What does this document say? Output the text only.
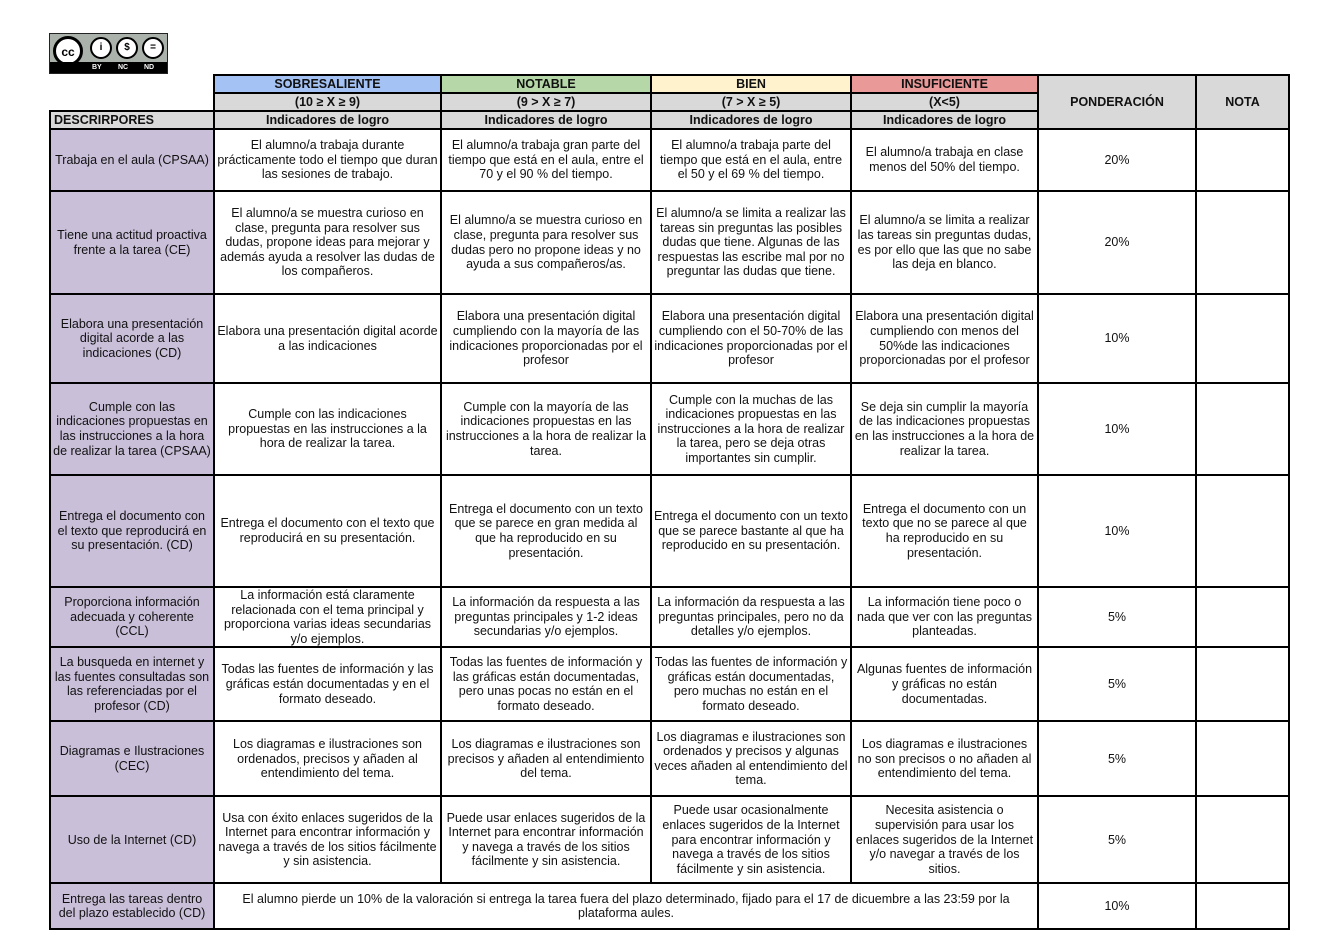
cc	i	$	=
BY NC ND
	SOBRESALIENTE	NOTABLE	BIEN	INSUFICIENTE	PONDERACIÓN	NOTA
	(10 ≥ X ≥ 9)	(9 > X ≥ 7)	(7 > X ≥ 5)	(X<5)		
DESCRIRPORES	Indicadores de logro	Indicadores de logro	Indicadores de logro	Indicadores de logro		
Trabaja en el aula (CPSAA)	El alumno/a trabaja durante prácticamente todo el tiempo que duran las sesiones de trabajo.	El alumno/a trabaja gran parte del tiempo que está en el aula, entre el 70 y el 90 % del tiempo.	El alumno/a trabaja parte del tiempo que está en el aula, entre el 50 y el 69 % del tiempo.	El alumno/a trabaja en clase menos del 50% del tiempo.	20%	
Tiene una actitud proactiva frente a la tarea (CE)	El alumno/a se muestra curioso en clase, pregunta para resolver sus dudas, propone ideas para mejorar y además ayuda a resolver las dudas de los compañeros.	El alumno/a se muestra curioso en clase, pregunta para resolver sus dudas pero no propone ideas y no ayuda a sus compañeros/as.	El alumno/a se limita a realizar las tareas sin preguntas las posibles dudas que tiene. Algunas de las respuestas las escribe mal por no preguntar las dudas que tiene.	El alumno/a se limita a realizar las tareas sin preguntas dudas, es por ello que las que no sabe las deja en blanco.	20%	
Elabora una presentación digital acorde a las indicaciones (CD)	Elabora una presentación digital acorde a las indicaciones	Elabora una presentación digital cumpliendo con la mayoría de las indicaciones proporcionadas por el profesor	Elabora una presentación digital cumpliendo con el 50-70% de las indicaciones proporcionadas por el profesor	Elabora una presentación digital cumpliendo con menos del 50%de las indicaciones proporcionadas por el profesor	10%	
Cumple con las indicaciones propuestas en las instrucciones a la hora de realizar la tarea (CPSAA)	Cumple con las indicaciones propuestas en las instrucciones a la hora de realizar la tarea.	Cumple con la mayoría de las indicaciones propuestas en las instrucciones a la hora de realizar la tarea.	Cumple con la muchas de las indicaciones propuestas en las instrucciones a la hora de realizar la tarea, pero se deja otras importantes sin cumplir.	Se deja sin cumplir la mayoría de las indicaciones propuestas en las instrucciones a la hora de realizar la tarea.	10%	
Entrega el documento con el texto que reproducirá en su presentación. (CD)	Entrega el documento con el texto que reproducirá en su presentación.	Entrega el documento con un texto que se parece en gran medida al que ha reproducido en su presentación.	Entrega el documento con un texto que se parece bastante al que ha reproducido en su presentación.	Entrega el documento con un texto que no se parece al que ha reproducido en su presentación.	10%	
Proporciona información adecuada y coherente (CCL)	La información está claramente relacionada con el tema principal y proporciona varias ideas secundarias y/o ejemplos.	La información da respuesta a las preguntas principales y 1-2 ideas secundarias y/o ejemplos.	La información da respuesta a las preguntas principales, pero no da detalles y/o ejemplos.	La información tiene poco o nada que ver con las preguntas planteadas.	5%	
La busqueda en internet y las fuentes consultadas son las referenciadas por el profesor (CD)	Todas las fuentes de información y las gráficas están documentadas y en el formato deseado.	Todas las fuentes de información y las gráficas están documentadas, pero unas pocas no están en el formato deseado.	Todas las fuentes de información y gráficas están documentadas, pero muchas no están en el formato deseado.	Algunas fuentes de información y gráficas no están documentadas.	5%	
Diagramas e Ilustraciones (CEC)	Los diagramas e ilustraciones son ordenados, precisos y añaden al entendimiento del tema.	Los diagramas e ilustraciones son precisos y añaden al entendimiento del tema.	Los diagramas e ilustraciones son ordenados y precisos y algunas veces añaden al entendimiento del tema.	Los diagramas e ilustraciones no son precisos o no añaden al entendimiento del tema.	5%	
Uso de la Internet (CD)	Usa con éxito enlaces sugeridos de la Internet para encontrar información y navega a través de los sitios fácilmente y sin asistencia.	Puede usar enlaces sugeridos de la Internet para encontrar información y navega a través de los sitios fácilmente y sin asistencia.	Puede usar ocasionalmente enlaces sugeridos de la Internet para encontrar información y navega a través de los sitios fácilmente y sin asistencia.	Necesita asistencia o supervisión para usar los enlaces sugeridos de la Internet y/o navegar a través de los sitios.	5%	
Entrega las tareas dentro del plazo establecido (CD)	El alumno pierde un 10% de la valoración si entrega la tarea fuera del plazo determinado, fijado para el 17 de dicuembre a las 23:59 por la plataforma aules.				10%	
